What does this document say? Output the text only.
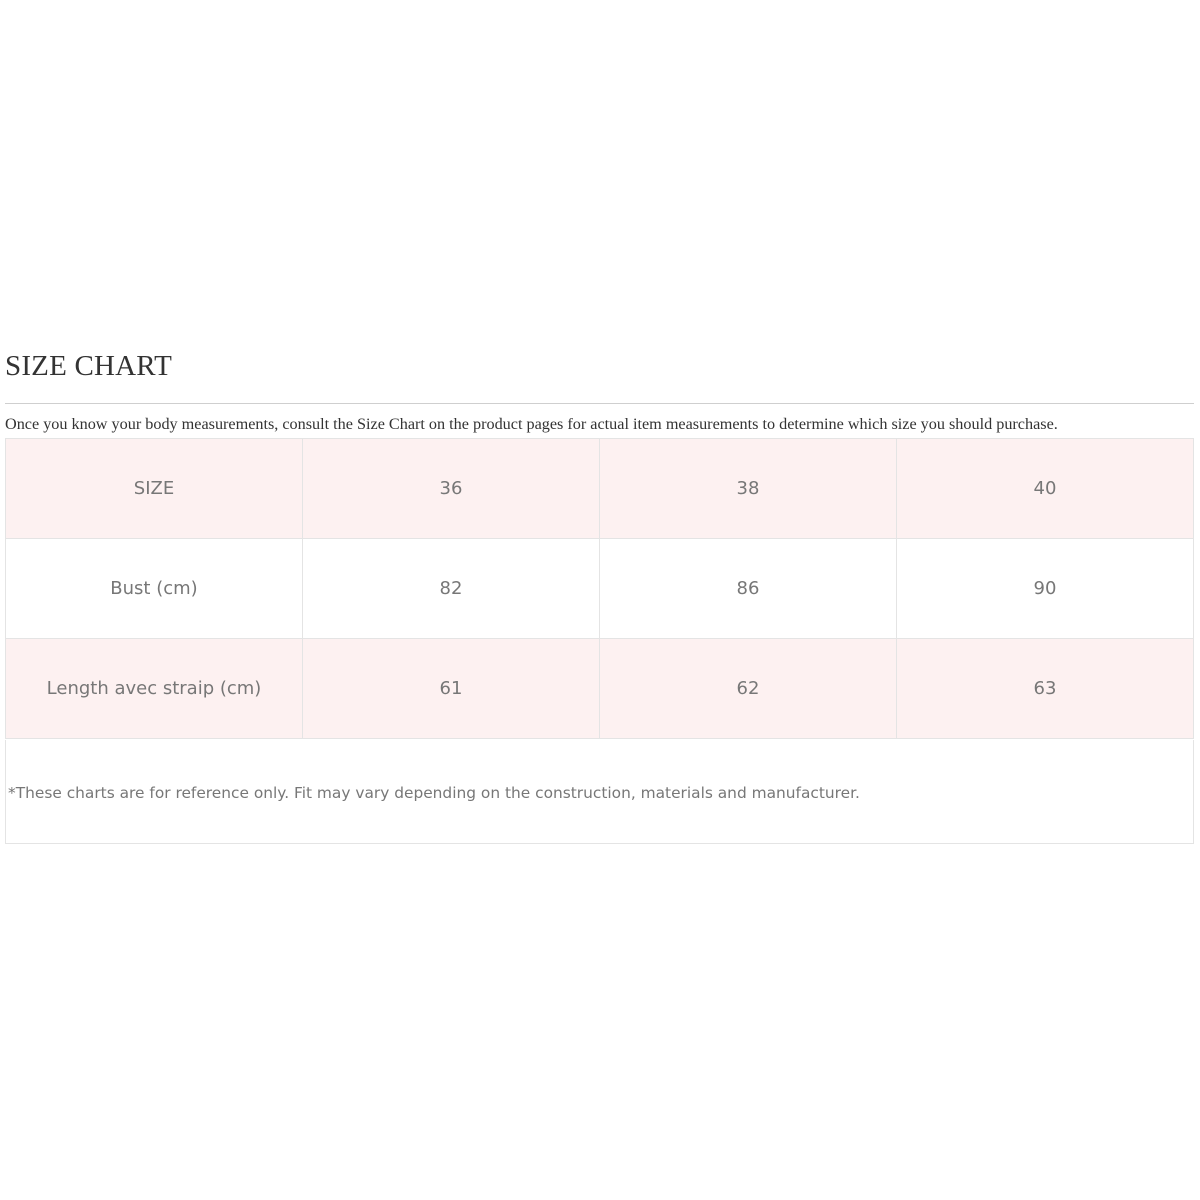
SIZE CHART

Once you know your body measurements, consult the Size Chart on the product pages for actual item measurements to determine which size you should purchase.

SIZE	36	38	40
Bust (cm)	82	86	90
Length avec straip (cm)	61	62	63

*These charts are for reference only. Fit may vary depending on the construction, materials and manufacturer.
